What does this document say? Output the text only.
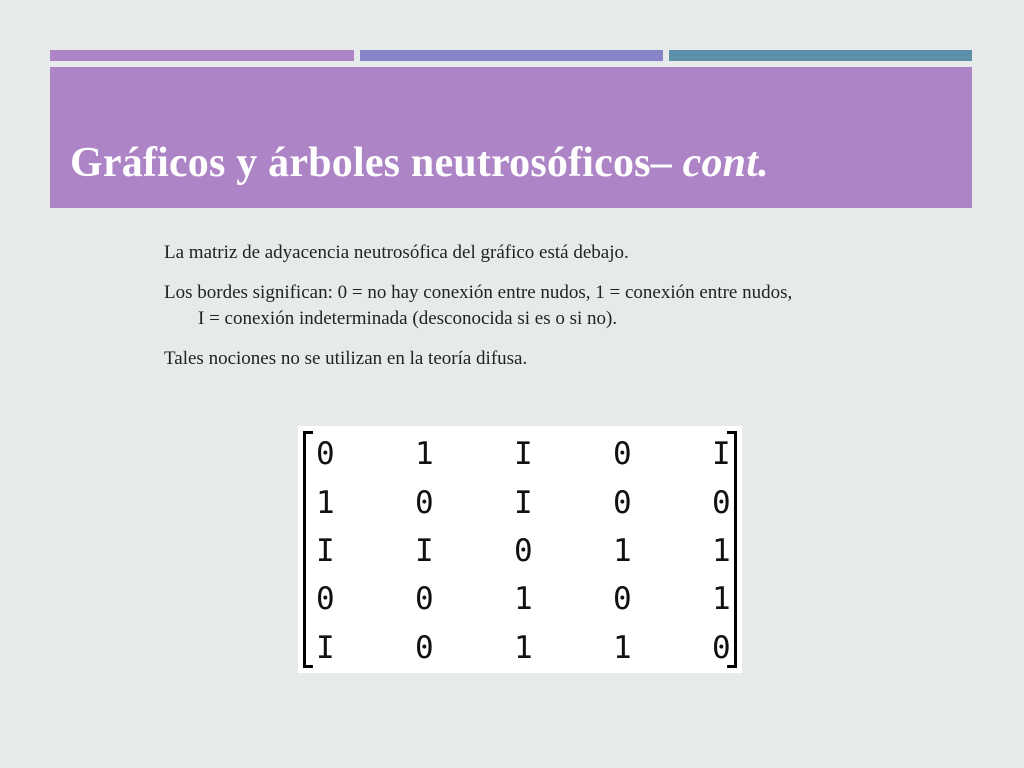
Gráficos y árboles neutrosóficos– cont.

La matriz de adyacencia neutrosófica del gráfico está debajo.

Los bordes significan: 0 = no hay conexión entre nudos, 1 = conexión entre nudos,
I = conexión indeterminada (desconocida si es o si no).

Tales nociones no se utilizan en la teoría difusa.

0	1	I	0	I
1	0	I	0	0
I	I	0	1	1
0	0	1	0	1
I	0	1	1	0
